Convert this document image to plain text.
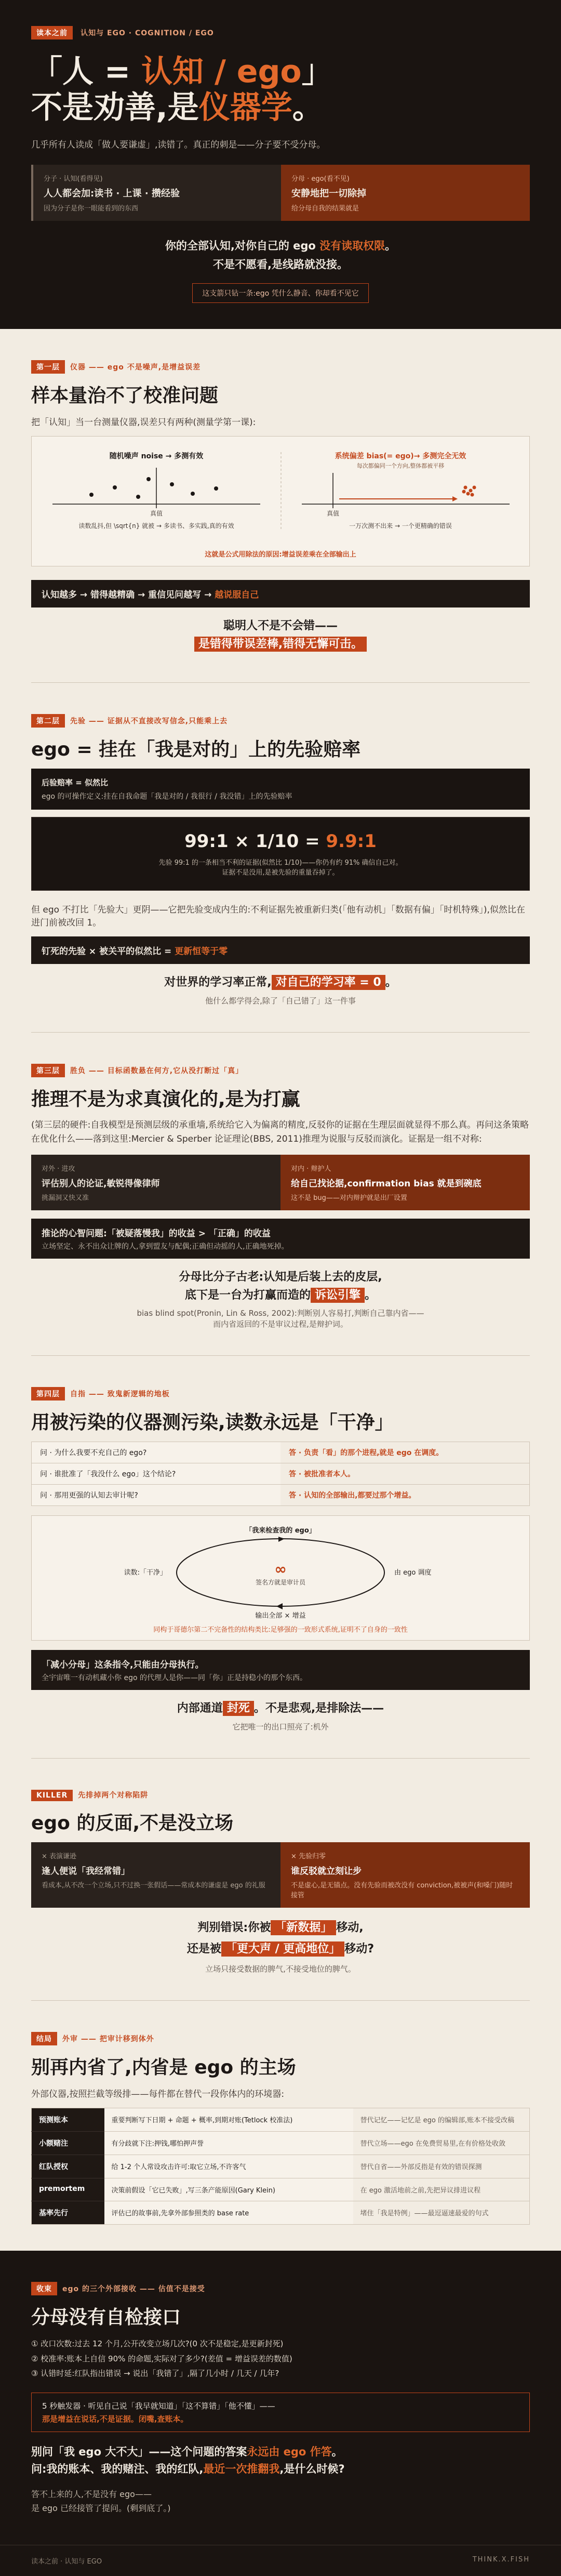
读本之前 认知与 EGO · COGNITION / EGO
「人 = 认知 / ego」
不是劝善,是仪器学。

几乎所有人读成「做人要谦虚」,读错了。真正的刺是——分子要不受分母。

分子 · 认知(看得见)
人人都会加:读书 · 上课 · 攒经验
因为分子是你一眼能看到的东西

分母 · ego(看不见)
安静地把一切除掉
给分母自我的结果就是

你的全部认知,对你自己的 ego 没有读取权限。

不是不愿看,是线路就没接。

这支箭只钻一条:ego 凭什么静音、你却看不见它
第一层 仪器 —— ego 不是噪声,是增益误差
样本量治不了校准问题

把「认知」当一台测量仪器,误差只有两种(测量学第一课):

随机噪声 noise → 多测有效
真值
读数乱抖,但 \sqrt{n} 就被 → 多读书、多实践,真的有效
系统偏差 bias(= ego)→ 多测完全无效
每次都偏同一个方向,整体都被平移
真值
一万次测不出来 → 一个更精确的错误

这就是公式用除法的原因:增益误差乘在全部输出上

认知越多 → 错得越精确 → 重信见问越写 → 越说服自己

聪明人不是不会错——
是错得带误差棒,错得无懈可击。

第二层 先验 —— 证据从不直接改写信念,只能乘上去
ego = 挂在「我是对的」上的先验赔率
后验赔率 = 似然比
ego 的可操作定义:挂在自我命题「我是对的 / 我很行 / 我没错」上的先验赔率
99:1 × 1/10 = 9.9:1
先验 99:1 的一条相当不利的证据(似然比 1/10)——你仍有约 91% 确信自己对。
证据不是没用,是被先验的重量吞掉了。

但 ego 不打比「先验大」更阴——它把先验变成内生的:不利证据先被重新归类(「他有动机」「数据有偏」「时机特殊」),似然比在进门前被改回 1。

钉死的先验 × 被关平的似然比 = 更新恒等于零

对世界的学习率正常, 对自己的学习率 = 0 。

他什么都学得会,除了「自己错了」这一件事

第三层 胜负 —— 目标函数悬在何方,它从没打断过「真」
推理不是为求真演化的,是为打赢

(第三层的硬件:自我模型是预测层级的承重墙,系统给它入为偏离的精度,反驳你的证据在生理层面就显得不那么真。再问这条策略在优化什么——落到这里:Mercier & Sperber 论证理论(BBS, 2011)推理为说服与反驳而演化。证据是一组不对称:

对外 · 进攻
评估别人的论证,敏锐得像律师
挑漏洞又快又准

对内 · 辩护人
给自己找论据,confirmation bias 就是到碗底
这不是 bug——对内辩护就是出厂设置
推论的心智问题:「被疑落慢我」的收益 > 「正确」的收益
立场坚定、永不出众让牌的人,拿到盟友与配偶;正确但动摇的人,正确地死掉。

分母比分子古老:认知是后装上去的皮层,
底下是一台为打赢而造的 诉讼引擎 。

bias blind spot(Pronin, Lin & Ross, 2002):判断别人容易打,判断自己靠内省——

而内省返回的不是审议过程,是辩护词。

第四层 自指 —— 致鬼新逻辑的地板
用被污染的仪器测污染,读数永远是「干净」
问 · 为什么我要不充自己的 ego?	答 · 负责「看」的那个进程,就是 ego 在调度。
问 · 谁批准了「我没什么 ego」这个结论?	答 · 被批准者本人。
问 · 那用更强的认知去审计呢?	答 · 认知的全部输出,都要过那个增益。
「我来检查我的 ego」
读数:「干净」	∞
签名方就是审计员
由 ego 调度
输出全部 × 增益

同构于哥德尔第二不完备性的结构类比:足够强的一致形式系统,证明不了自身的一致性

「减小分母」这条指令,只能由分母执行。
全宇宙唯一有动机藏小你 ego 的代理人是你——同「你」正是持稳小的那个东西。

内部通道 封死 。不是悲观,是排除法——

它把唯一的出口照亮了:机外

KILLER 先排掉两个对称陷阱
ego 的反面,不是没立场
× 表演谦逊
逢人便说「我经常错」
看成本,从不改一个立场,只不过换一张假话——常成本的谦虚是 ego 的礼服

× 先验归零
谁反驳就立刻让步
不是虚心,是无锚点。没有先验而被改没有 conviction,被被声(和嗓门)随时接管

判别错误:你被 「新数据」 移动,
还是被 「更大声 / 更高地位」 移动?

立场只接受数据的脾气,不接受地位的脾气。

结局 外审 —— 把审计移到体外
别再内省了,内省是 ego 的主场

外部仪器,按照拦截等级排——每件都在替代一段你体内的环境器:

预测账本	重要判断写下日期 + 命题 + 概率,到期对账(Tetlock 校准法)	替代记忆——记忆是 ego 的编辑部,账本不接受改稿
小额赌注	有分歧就下注:押钱,哪怕押声誉	替代立场——ego 在免费贸易里,在有价格处收敛
红队授权	给 1-2 个人常设攻击许可:取它立场,不许客气	替代自省——外部反指是有效的错误探测
premortem	决策前假设「它已失败」,写三条产能原因(Gary Klein)	在 ego 激活地前之前,先把异议排进议程
基率先行	评估已的故事前,先拿外部参照类的 base rate	堵住「我是特例」——最逗逼速最爱的句式
收束 ego 的三个外部接收 —— 估值不是接受
分母没有自检接口
① 改口次数:过去 12 个月,公开改变立场几次?(0 次不是稳定,是更新封死)
② 校准率:账本上自信 90% 的命题,实际对了多少?(差值 = 增益误差的数值)
③ 认错时延:红队指出错误 → 说出「我错了」,隔了几小时 / 几天 / 几年?
5 秒触发器 · 听见自己说「我早就知道」「这不算错」「他不懂」——
那是增益在说话,不是证据。闭嘴,查账本。

别问「我 ego 大不大」——这个问题的答案永远由 ego 作答。
问:我的账本、我的赌注、我的红队,最近一次推翻我,是什么时候?

答不上来的人,不是没有 ego——

是 ego 已经接管了提问。(剩到底了。)

读本之前 · 认知与 EGO	THINK.X.FISH
